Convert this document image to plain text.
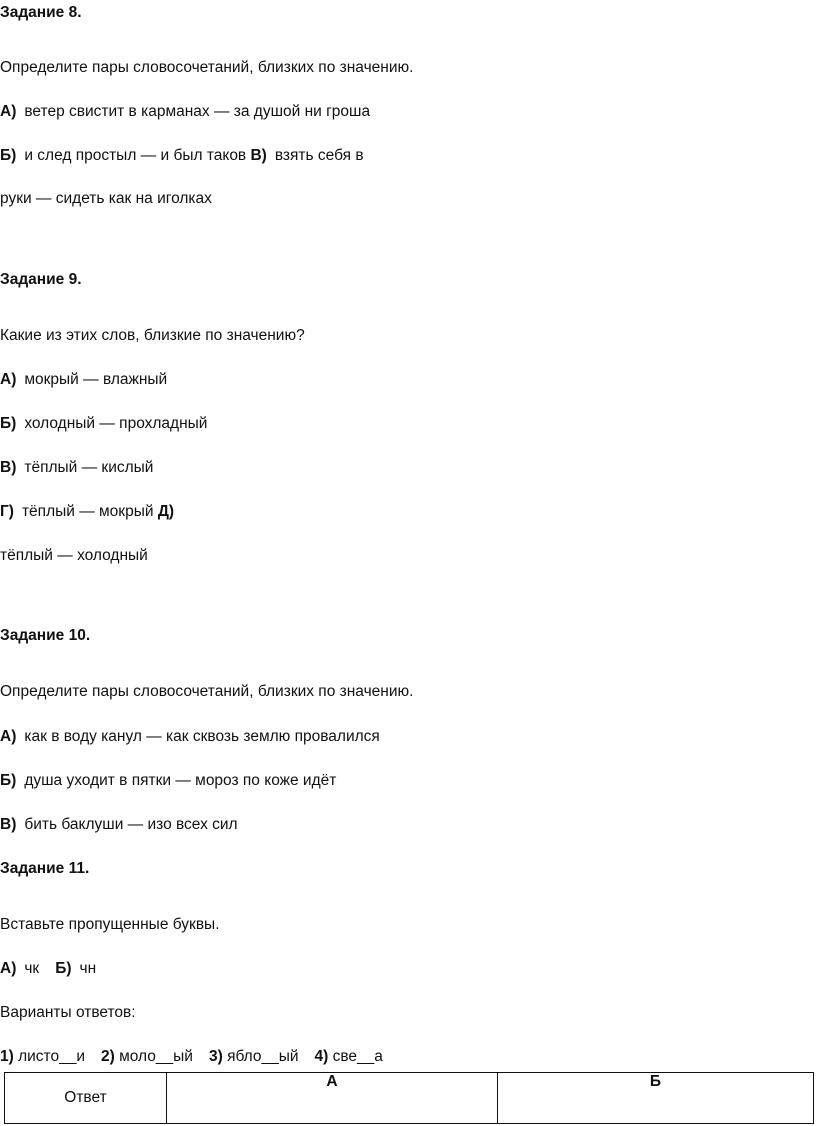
Задание 8.
Определите пары словосочетаний, близких по значению.
А) ветер свистит в карманах — за душой ни гроша
Б) и след простыл — и был таков В) взять себя в
руки — сидеть как на иголках
Задание 9.
Какие из этих слов, близкие по значению?
А) мокрый — влажный
Б) холодный — прохладный
В) тёплый — кислый
Г) тёплый — мокрый Д)
тёплый — холодный
Задание 10.
Определите пары словосочетаний, близких по значению.
А) как в воду канул — как сквозь землю провалился
Б) душа уходит в пятки — мороз по коже идёт
В) бить баклуши — изо всех сил
Задание 11.
Вставьте пропущенные буквы.
А) чк Б) чн
Варианты ответов:
1) листо__и 2) моло__ый 3) ябло__ый 4) све__а
Ответ	А	Б
